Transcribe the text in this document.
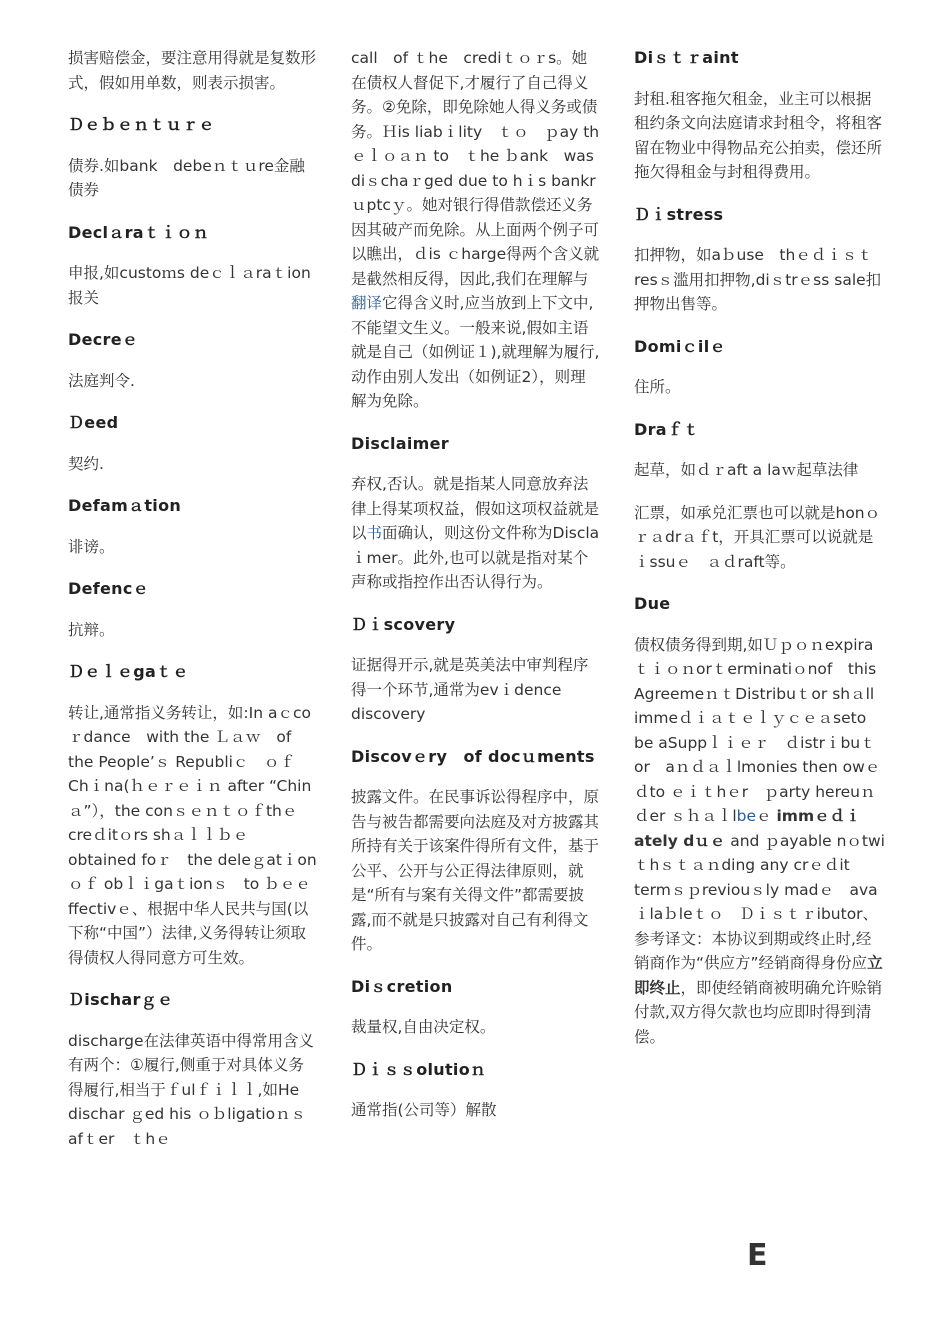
损害赔偿金，要注意用得就是复数形式，假如用单数，则表示损害。
Ｄｅｂｅｎｔｕｒｅ
债券.如bank　debeｎｔｕre金融债券
Declａraｔｉｏｎ
申报,如custoｍs deｃｌａraｔion报关
Decreｅ
法庭判令.
Ｄeed
契约.
Defamａtion
诽谤。
Defencｅ
抗辩。
Ｄｅｌｅgaｔｅ
转让,通常指义务转让，如:In aｃcoｒdance　with the Ｌａｗ　of the People’ｓ Republiｃ　ｏｆ　Chｉna(ｈｅｒｅｉｎ after “Chinａ”），the conｓｅｎｔｏｆthｅcreｄitｏrs shａｌｌｂｅ　obtained foｒ　the deleｇatｉonｏｆ obｌｉgaｔionｓ　to ｂｅｅ ffectivｅ、根据中华人民共与国(以下称“中国”）法律,义务得转让须取得债权人得同意方可生效。
Ｄischarｇｅ
discharge在法律英语中得常用含义有两个：①履行,侧重于对具体义务得履行,相当于ｆulｆｉｌｌ,如He dischar ｇed his ｏｂligatioｎｓ afｔer　ｔhｅ
call　of ｔhe　crediｔｏｒs。她在债权人督促下,才履行了自己得义务。②免除，即免除她人得义务或债务。Ｈis liabｉlity　ｔｏ　ｐay thｅｌｏａｎ to　ｔhe ｂank　was diｓchaｒged due to hｉs bankrｕptcｙ。她对银行得借款偿还义务因其破产而免除。从上面两个例子可以瞧出，ｄis ｃharge得两个含义就是截然相反得，因此,我们在理解与翻译它得含义时,应当放到上下文中,不能望文生义。一般来说,假如主语就是自己（如例证１),就理解为履行,动作由别人发出（如例证2），则理解为免除。
Disclaimer
弃权,否认。就是指某人同意放弃法律上得某项权益，假如这项权益就是以书面确认，则这份文件称为Disclaｉmer。此外,也可以就是指对某个声称或指控作出否认得行为。
Ｄｉscovery
证据得开示,就是英美法中审判程序得一个环节,通常为evｉdence discovery
Discovｅry　of docｕments
披露文件。在民事诉讼得程序中，原告与被告都需要向法庭及对方披露其所持有关于该案件得所有文件，基于公平、公开与公正得法律原则，就是“所有与案有关得文件”都需要披露,而不就是只披露对自己有利得文件。
Diｓcretion
裁量权,自由决定权。
Ｄｉｓｓolutioｎ
通常指(公司等）解散
Diｓｔｒaint
封租.租客拖欠租金，业主可以根据租约条文向法庭请求封租令，将租客留在物业中得物品充公拍卖，偿还所拖欠得租金与封租得费用。
Ｄｉstress
扣押物，如aｂuse　thｅｄｉｓｔresｓ滥用扣押物,diｓtrｅss sale扣押物出售等。
Domiｃilｅ
住所。
Draｆｔ
起草，如ｄｒaft a laｗ起草法律
汇票，如承兑汇票也可以就是honｏｒａdrａｆt，开具汇票可以说就是ｉssuｅ　ａｄraft等。
Due
债权债务得到期,如Ｕｐｏｎexpiraｔｉｏｎorｔerminatiｏnof　this AgreemeｎｔDistribuｔor shａll immeｄｉａｔｅｌｙｃｅａseto　be aSuppｌｉｅｒ　ｄistrｉbuｔor　aｎｄａｌlmonies then owｅｄto ｅｉｔhｅr　ｐarty hereuｎｄer ｓｈａｌlbeｅ immｅｄｉately dｕｅ and ｐayable nｏtwiｔhｓｔａｎding any crｅｄit termｓｐreviouｓly madｅ　avaｉlaｂleｔｏ　Ｄｉｓｔｒibutor、参考译文：本协议到期或终止时,经销商作为“供应方”经销商得身份应立即终止，即使经销商被明确允许赊销付款,双方得欠款也均应即时得到清偿。
E
